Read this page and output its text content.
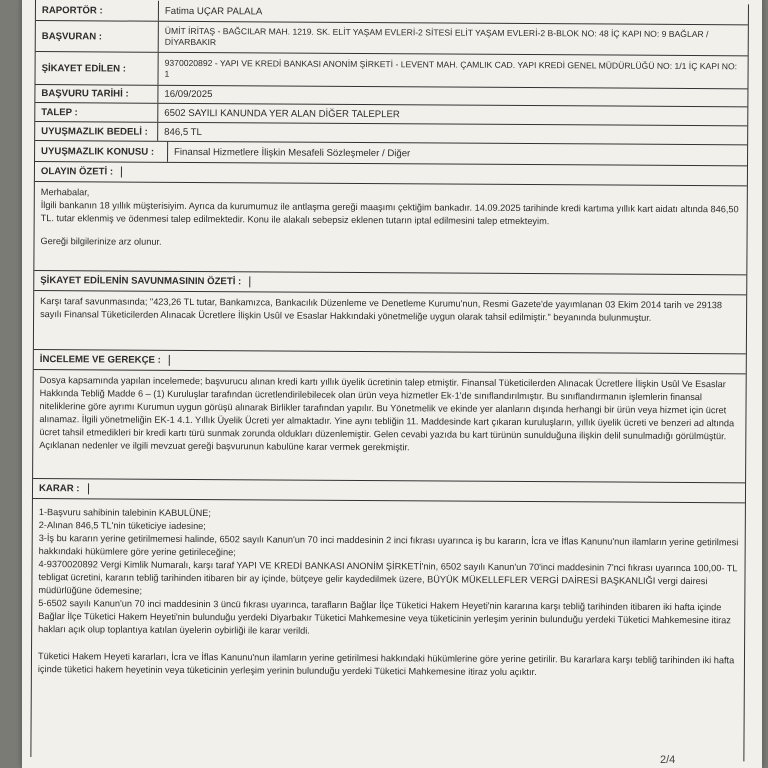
RAPORTÖR :	Fatima UÇAR PALALA
BAŞVURAN :	ÜMİT İRİTAŞ - BAĞCILAR MAH. 1219. SK. ELİT YAŞAM EVLERİ-2 SİTESİ ELİT YAŞAM EVLERİ-2 B-BLOK NO: 48 İÇ KAPI NO: 9 BAĞLAR / DİYARBAKIR
ŞİKAYET EDİLEN :	9370020892 - YAPI VE KREDİ BANKASI ANONİM ŞİRKETİ - LEVENT MAH. ÇAMLIK CAD. YAPI KREDİ GENEL MÜDÜRLÜĞÜ NO: 1/1 İÇ KAPI NO: 1
BAŞVURU TARİHİ :	16/09/2025
TALEP :	6502 SAYILI KANUNDA YER ALAN DİĞER TALEPLER
UYUŞMAZLIK BEDELİ :	846,5 TL
UYUŞMAZLIK KONUSU :	Finansal Hizmetlere İlişkin Mesafeli Sözleşmeler / Diğer
OLAYIN ÖZETİ :

Merhabalar,

İlgili bankanın 18 yıllık müşterisiyim. Ayrıca da kurumumuz ile antlaşma gereği maaşımı çektiğim bankadır. 14.09.2025 tarihinde kredi kartıma yıllık kart aidatı altında 846,50 TL. tutar eklenmiş ve ödenmesi talep edilmektedir. Konu ile alakalı sebepsiz eklenen tutarın iptal edilmesini talep etmekteyim.

Gereği bilgilerinize arz olunur.

ŞİKAYET EDİLENİN SAVUNMASININ ÖZETİ :

Karşı taraf savunmasında; "423,26 TL tutar, Bankamızca, Bankacılık Düzenleme ve Denetleme Kurumu'nun, Resmi Gazete'de yayımlanan 03 Ekim 2014 tarih ve 29138 sayılı Finansal Tüketicilerden Alınacak Ücretlere İlişkin Usûl ve Esaslar Hakkındaki yönetmeliğe uygun olarak tahsil edilmiştir." beyanında bulunmuştur.

İNCELEME VE GEREKÇE :

Dosya kapsamında yapılan incelemede; başvurucu alınan kredi kartı yıllık üyelik ücretinin talep etmiştir. Finansal Tüketicilerden Alınacak Ücretlere İlişkin Usûl Ve Esaslar Hakkında Tebliğ Madde 6 – (1) Kuruluşlar tarafından ücretlendirilebilecek olan ürün veya hizmetler Ek-1'de sınıflandırılmıştır. Bu sınıflandırmanın işlemlerin finansal niteliklerine göre ayrımı Kurumun uygun görüşü alınarak Birlikler tarafından yapılır. Bu Yönetmelik ve ekinde yer alanların dışında herhangi bir ürün veya hizmet için ücret alınamaz. İlgili yönetmeliğin EK-1 4.1. Yıllık Üyelik Ücreti yer almaktadır. Yine aynı tebliğin 11. Maddesinde kart çıkaran kuruluşların, yıllık üyelik ücreti ve benzeri ad altında ücret tahsil etmedikleri bir kredi kartı türü sunmak zorunda oldukları düzenlemiştir. Gelen cevabi yazıda bu kart türünün sunulduğuna ilişkin delil sunulmadığı görülmüştür. Açıklanan nedenler ve ilgili mevzuat gereği başvurunun kabulüne karar vermek gerekmiştir.

KARAR :

1-Başvuru sahibinin talebinin KABULÜNE;

2-Alınan 846,5 TL'nin tüketiciye iadesine;

3-İş bu kararın yerine getirilmemesi halinde, 6502 sayılı Kanun'un 70 inci maddesinin 2 inci fıkrası uyarınca iş bu kararın, İcra ve İflas Kanunu'nun ilamların yerine getirilmesi hakkındaki hükümlere göre yerine getirileceğine;

4-9370020892 Vergi Kimlik Numaralı, karşı taraf YAPI VE KREDİ BANKASI ANONİM ŞİRKETİ'nin, 6502 sayılı Kanun'un 70'inci maddesinin 7'nci fıkrası uyarınca 100,00- TL tebligat ücretini, kararın tebliğ tarihinden itibaren bir ay içinde, bütçeye gelir kaydedilmek üzere, BÜYÜK MÜKELLEFLER VERGİ DAİRESİ BAŞKANLIĞI vergi dairesi müdürlüğüne ödemesine;

5-6502 sayılı Kanun'un 70 inci maddesinin 3 üncü fıkrası uyarınca, tarafların Bağlar İlçe Tüketici Hakem Heyeti'nin kararına karşı tebliğ tarihinden itibaren iki hafta içinde Bağlar İlçe Tüketici Hakem Heyeti'nin bulunduğu yerdeki Diyarbakır Tüketici Mahkemesine veya tüketicinin yerleşim yerinin bulunduğu yerdeki Tüketici Mahkemesine itiraz hakları açık olup toplantıya katılan üyelerin oybirliği ile karar verildi.

Tüketici Hakem Heyeti kararları, İcra ve İflas Kanunu'nun ilamların yerine getirilmesi hakkındaki hükümlerine göre yerine getirilir. Bu kararlara karşı tebliğ tarihinden iki hafta içinde tüketici hakem heyetinin veya tüketicinin yerleşim yerinin bulunduğu yerdeki Tüketici Mahkemesine itiraz yolu açıktır.

2/4
